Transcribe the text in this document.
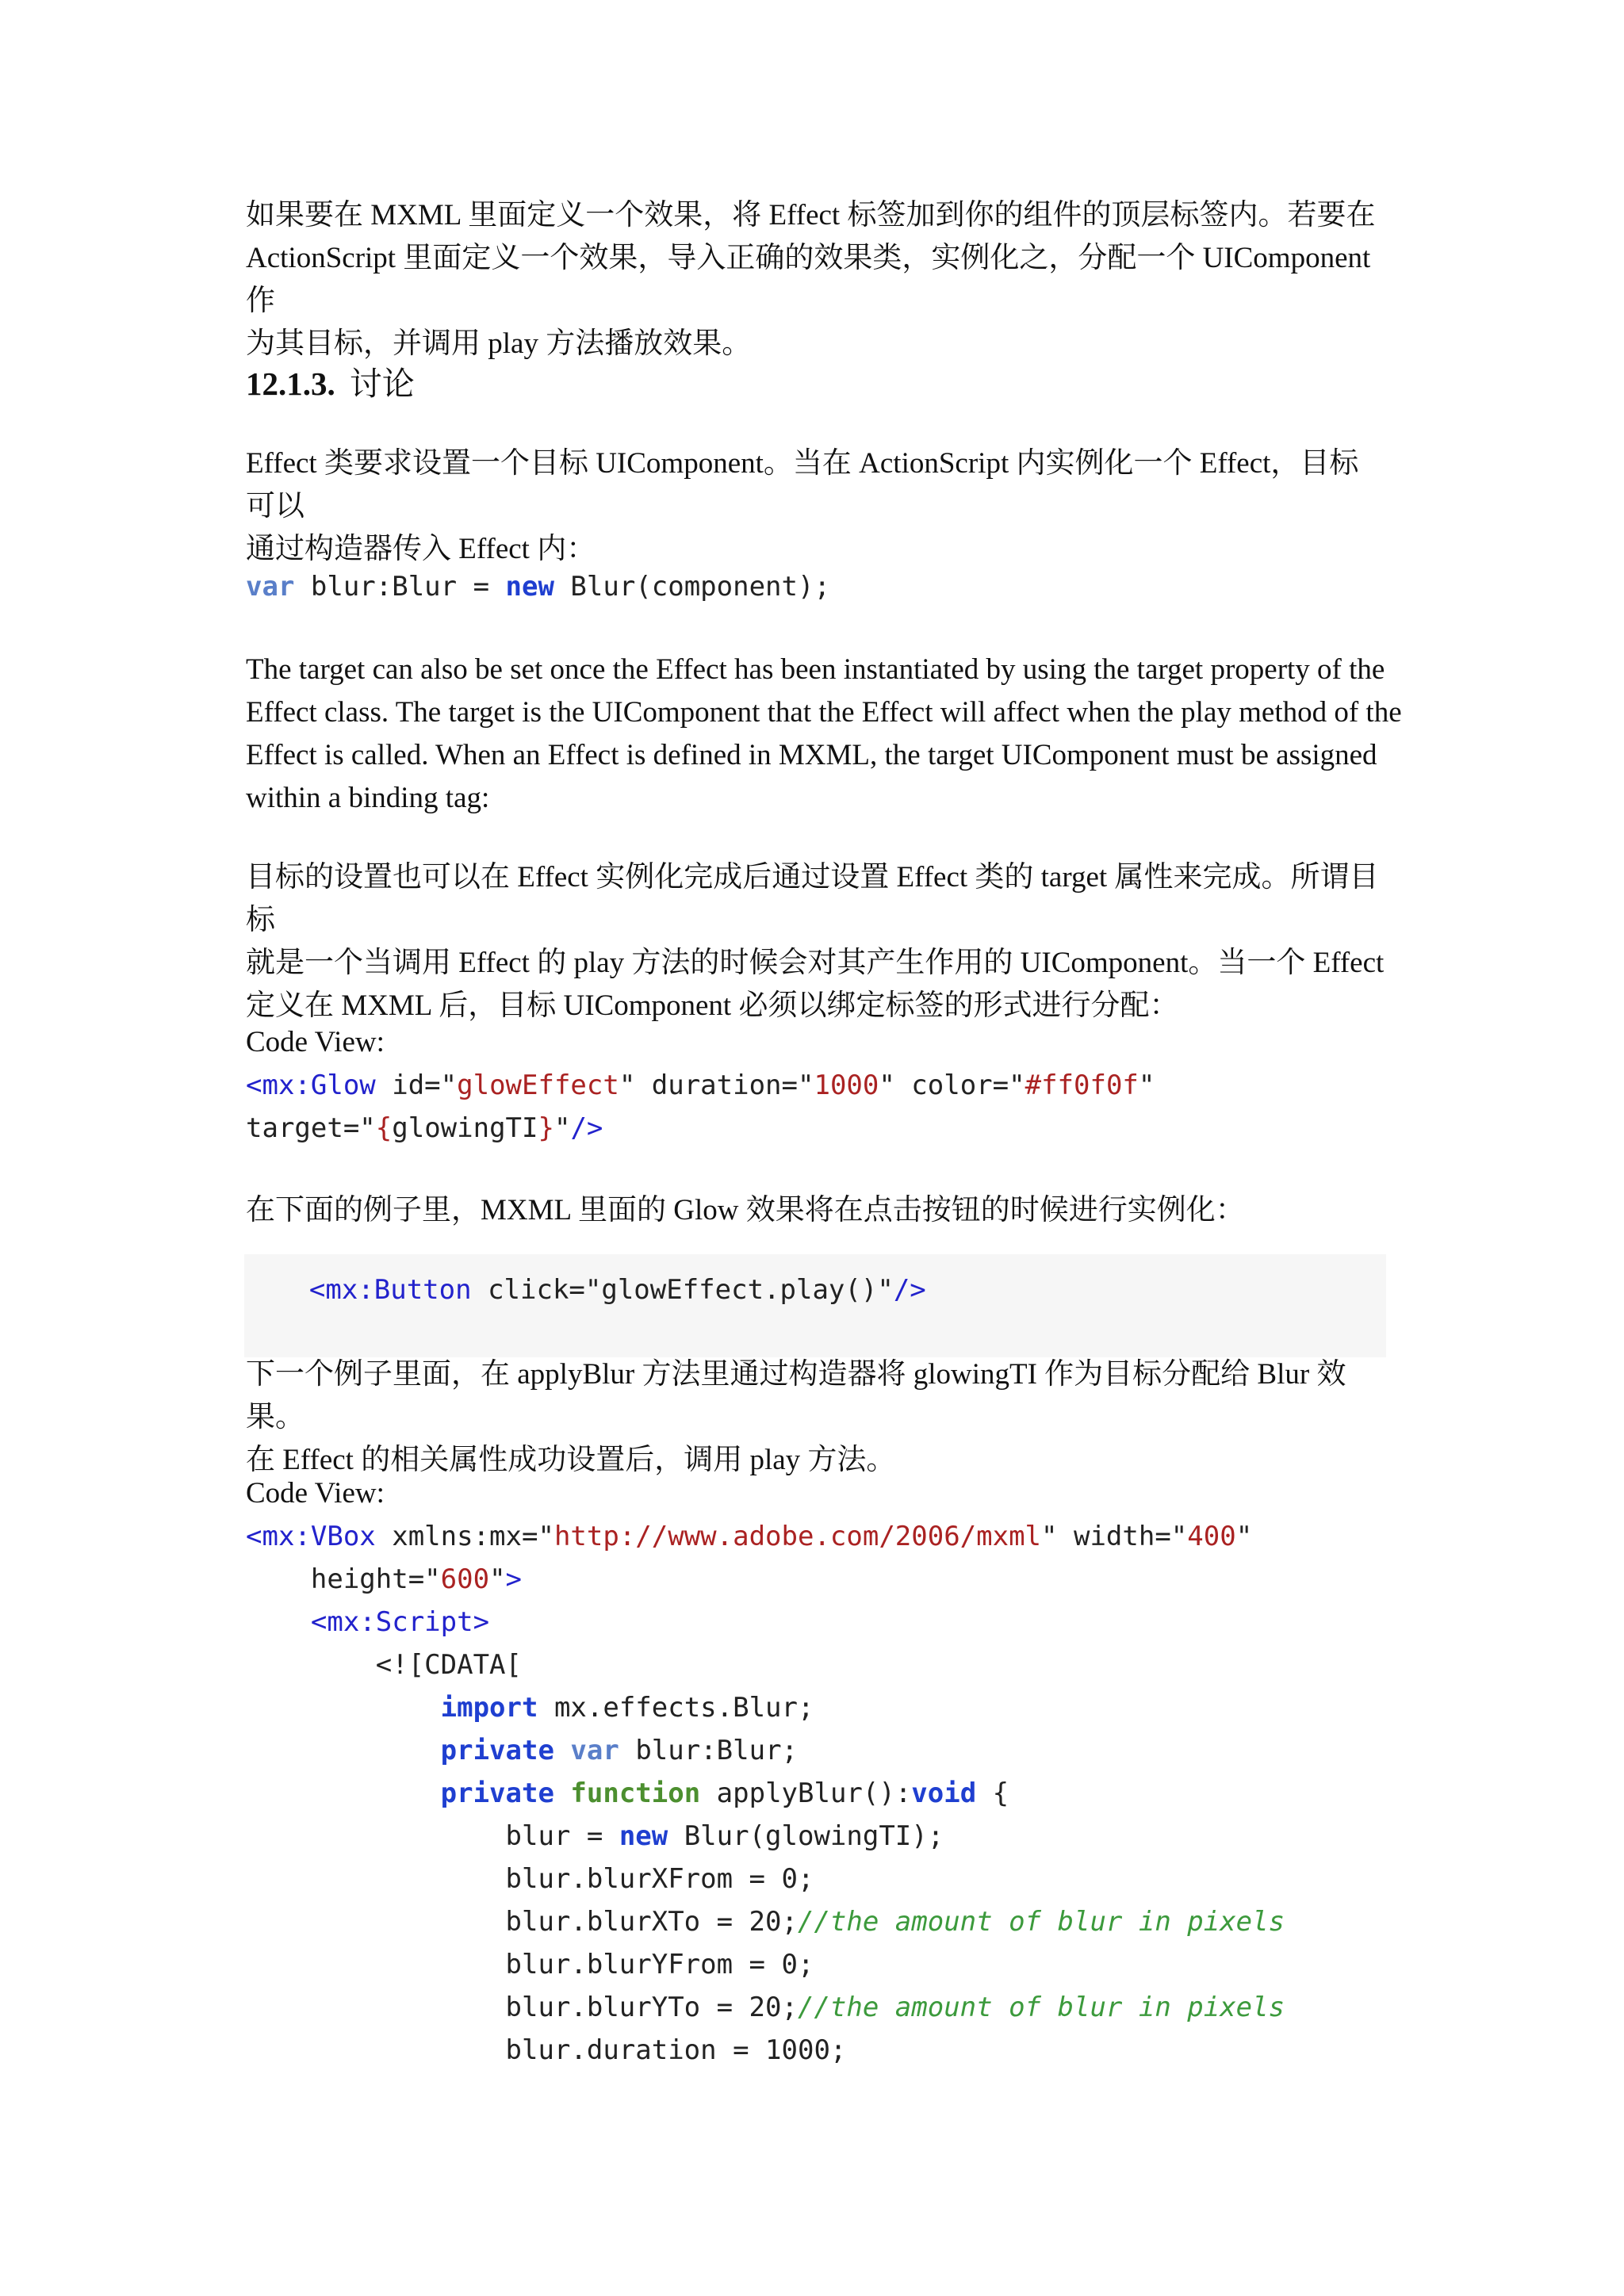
如果要在 MXML 里面定义一个效果，将 Effect 标签加到你的组件的顶层标签内。若要在

ActionScript 里面定义一个效果，导入正确的效果类，实例化之，分配一个 UIComponent 作

为其目标，并调用 play 方法播放效果。

12.1.3. 讨论

Effect 类要求设置一个目标 UIComponent。当在 ActionScript 内实例化一个 Effect，目标可以

通过构造器传入 Effect 内：

var blur:Blur = new Blur(component);

The target can also be set once the Effect has been instantiated by using the target property of the

Effect class. The target is the UIComponent that the Effect will affect when the play method of the

Effect is called. When an Effect is defined in MXML, the target UIComponent must be assigned

within a binding tag:

目标的设置也可以在 Effect 实例化完成后通过设置 Effect 类的 target 属性来完成。所谓目标

就是一个当调用 Effect 的 play 方法的时候会对其产生作用的 UIComponent。当一个 Effect

定义在 MXML 后，目标 UIComponent 必须以绑定标签的形式进行分配：

Code View:

<mx:Glow id="glowEffect" duration="1000" color="#ff0f0f"
target="{glowingTI}"/>

在下面的例子里，MXML 里面的 Glow 效果将在点击按钮的时候进行实例化：

<mx:Button click="glowEffect.play()"/>

下一个例子里面，在 applyBlur 方法里通过构造器将 glowingTI 作为目标分配给 Blur 效果。

在 Effect 的相关属性成功设置后，调用 play 方法。

Code View:

<mx:VBox xmlns:mx="http://www.adobe.com/2006/mxml" width="400"
height="600">
<mx:Script>
<![CDATA[
import mx.effects.Blur;
private var blur:Blur;
private function applyBlur():void {
blur = new Blur(glowingTI);
blur.blurXFrom = 0;
blur.blurXTo = 20;//the amount of blur in pixels
blur.blurYFrom = 0;
blur.blurYTo = 20;//the amount of blur in pixels
blur.duration = 1000;
